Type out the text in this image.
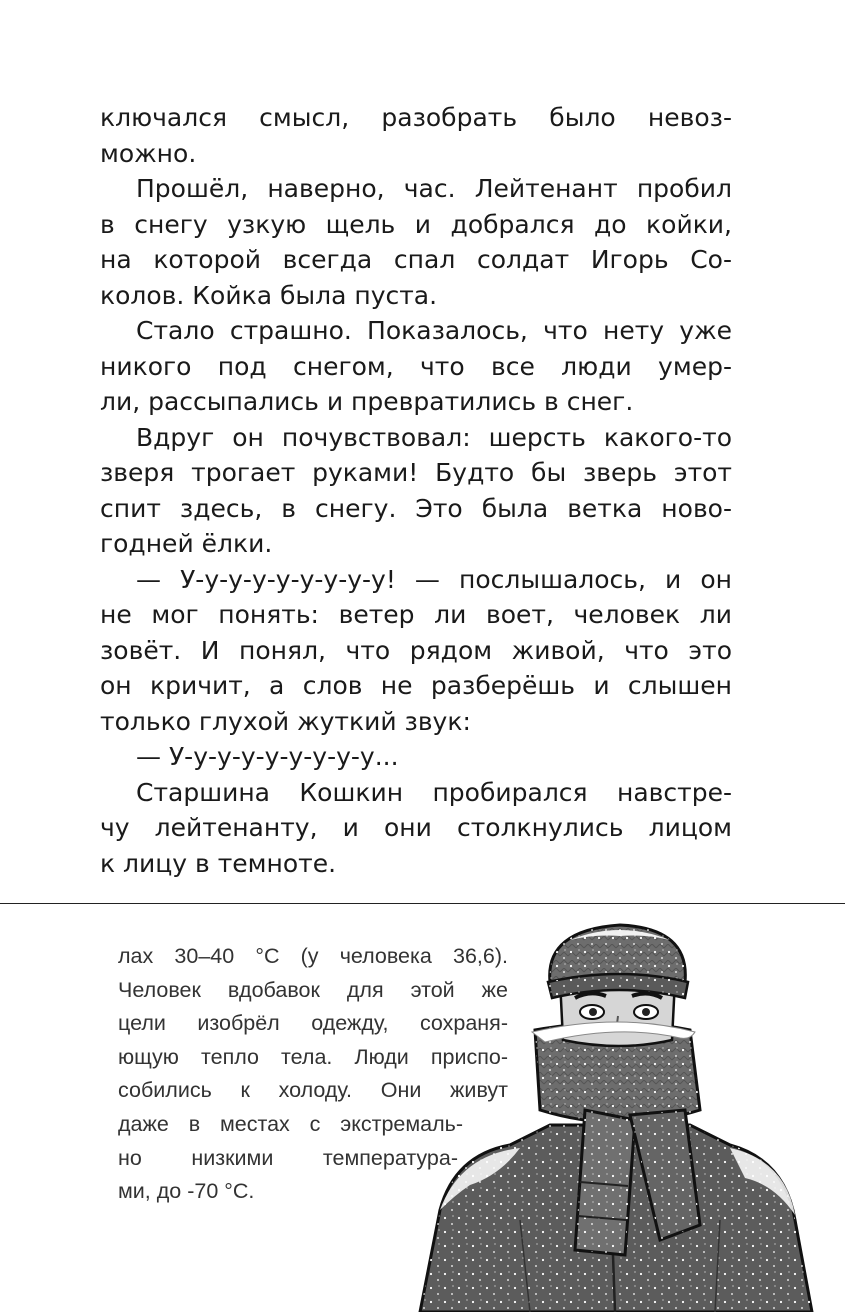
ключался смысл, разобрать было невоз-
можно.
Прошёл, наверно, час. Лейтенант пробил
в снегу узкую щель и добрался до койки,
на которой всегда спал солдат Игорь Со-
колов. Койка была пуста.
Стало страшно. Показалось, что нету уже
никого под снегом, что все люди умер-
ли, рассыпались и превратились в снег.
Вдруг он почувствовал: шерсть какого-то
зверя трогает руками! Будто бы зверь этот
спит здесь, в снегу. Это была ветка ново-
годней ёлки.
— У-у-у-у-у-у-у-у-у! — послышалось, и он
не мог понять: ветер ли воет, человек ли
зовёт. И понял, что рядом живой, что это
он кричит, а слов не разберёшь и слышен
только глухой жуткий звук:
— У-у-у-у-у-у-у-у-у...
Старшина Кошкин пробирался навстре-
чу лейтенанту, и они столкнулись лицом
к лицу в темноте.
лах 30–40 °С (у человека 36,6).
Человек вдобавок для этой же
цели изобрёл одежду, сохраня-
ющую тепло тела. Люди приспо-
собились к холоду. Они живут
даже в местах с экстремаль-
но низкими температура-
ми, до -70 °С.
